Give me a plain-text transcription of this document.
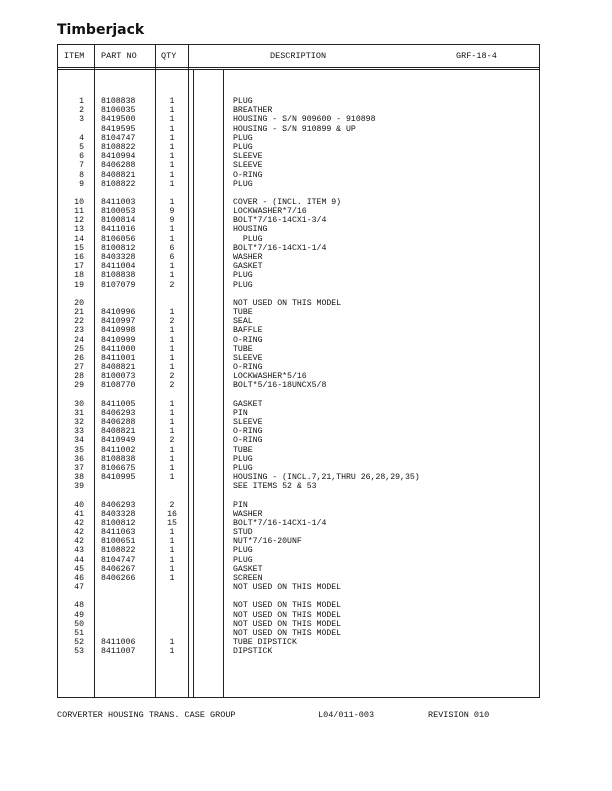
Timberjack
ITEM PART NO	QTY	DESCRIPTION	GRF-18-4
1 8108838	1	PLUG
2 8106035	1	BREATHER
3 8419500	1	HOUSING - S/N 909600 - 910898
8419595	1	HOUSING - S/N 910899 & UP
4 8104747	1	PLUG
5 8108822	1	PLUG
6 8410994	1	SLEEVE
7 8406288	1	SLEEVE
8 8408821	1	O-RING
9 8108822	1	PLUG
10 8411003	1	COVER - (INCL. ITEM 9)
11 8100053	9	LOCKWASHER*7/16
12 8100814	9	BOLT*7/16-14CX1-3/4
13 8411016	1	HOUSING
14 8106056	1	PLUG
15 8100812	6	BOLT*7/16-14CX1-1/4
16 8403328	6	WASHER
17 8411004	1	GASKET
18 8108838	1	PLUG
19 8107079	2	PLUG
20	NOT USED ON THIS MODEL
21 8410996	1	TUBE
22 8410997	2	SEAL
23 8410998	1	BAFFLE
24 8410999	1	O-RING
25 8411000	1	TUBE
26 8411001	1	SLEEVE
27 8408821	1	O-RING
28 8100073	2	LOCKWASHER*5/16
29 8108770	2	BOLT*5/16-18UNCX5/8
30 8411005	1	GASKET
31 8406293	1	PIN
32 8406288	1	SLEEVE
33 8408821	1	O-RING
34 8410949	2	O-RING
35 8411002	1	TUBE
36 8108838	1	PLUG
37 8106675	1	PLUG
38 8410995	1	HOUSING - (INCL.7,21,THRU 26,28,29,35)
39	SEE ITEMS 52 & 53
40 8406293	2	PIN
41 8403328	16	WASHER
42 8100812	15	BOLT*7/16-14CX1-1/4
42 8411063	1	STUD
42 8100651	1	NUT*7/16-20UNF
43 8108822	1	PLUG
44 8104747	1	PLUG
45 8406267	1	GASKET
46 8406266	1	SCREEN
47	NOT USED ON THIS MODEL
48	NOT USED ON THIS MODEL
49	NOT USED ON THIS MODEL
50	NOT USED ON THIS MODEL
51	NOT USED ON THIS MODEL
52 8411006	1	TUBE DIPSTICK
53 8411007	1	DIPSTICK
CORVERTER HOUSING TRANS. CASE GROUP	L04/011-003	REVISION 010
